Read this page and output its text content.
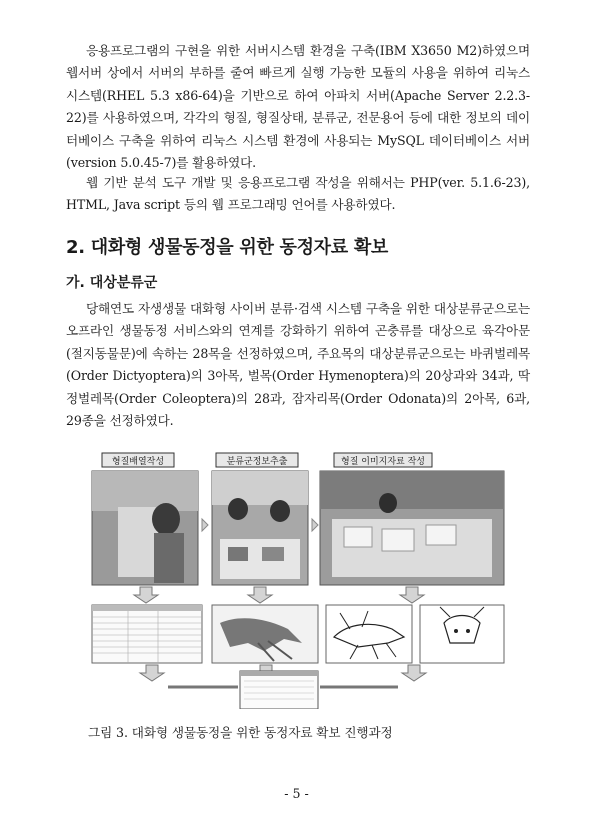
응용프로그램의 구현을 위한 서버시스템 환경을 구축(IBM X3650 M2)하였으며 웹서버 상에서 서버의 부하를 줄여 빠르게 실행 가능한 모듈의 사용을 위하여 리눅스 시스템(RHEL 5.3 x86-64)을 기반으로 하여 아파치 서버(Apache Server 2.2.3-22)를 사용하였으며, 각각의 형질, 형질상태, 분류군, 전문용어 등에 대한 정보의 데이터베이스 구축을 위하여 리눅스 시스템 환경에 사용되는 MySQL 데이터베이스 서버 (version 5.0.45-7)를 활용하였다.

웹 기반 분석 도구 개발 및 응용프로그램 작성을 위해서는 PHP(ver. 5.1.6-23), HTML, Java script 등의 웹 프로그래밍 언어를 사용하였다.

2. 대화형 생물동정을 위한 동정자료 확보
가. 대상분류군

당해연도 자생생물 대화형 사이버 분류·검색 시스템 구축을 위한 대상분류군으로는 오프라인 생물동정 서비스와의 연계를 강화하기 위하여 곤충류를 대상으로 육각아문(절지동물문)에 속하는 28목을 선정하였으며, 주요목의 대상분류군으로는 바퀴벌레목(Order Dictyoptera)의 3아목, 벌목(Order Hymenoptera)의 20상과와 34과, 딱정벌레목(Order Coleoptera)의 28과, 잠자리목(Order Odonata)의 2아목, 6과, 29종을 선정하였다.

형질배열작성	분류군정보추출	형질 이미지자료 작성

그림 3. 대화형 생물동정을 위한 동정자료 확보 진행과정

- 5 -
